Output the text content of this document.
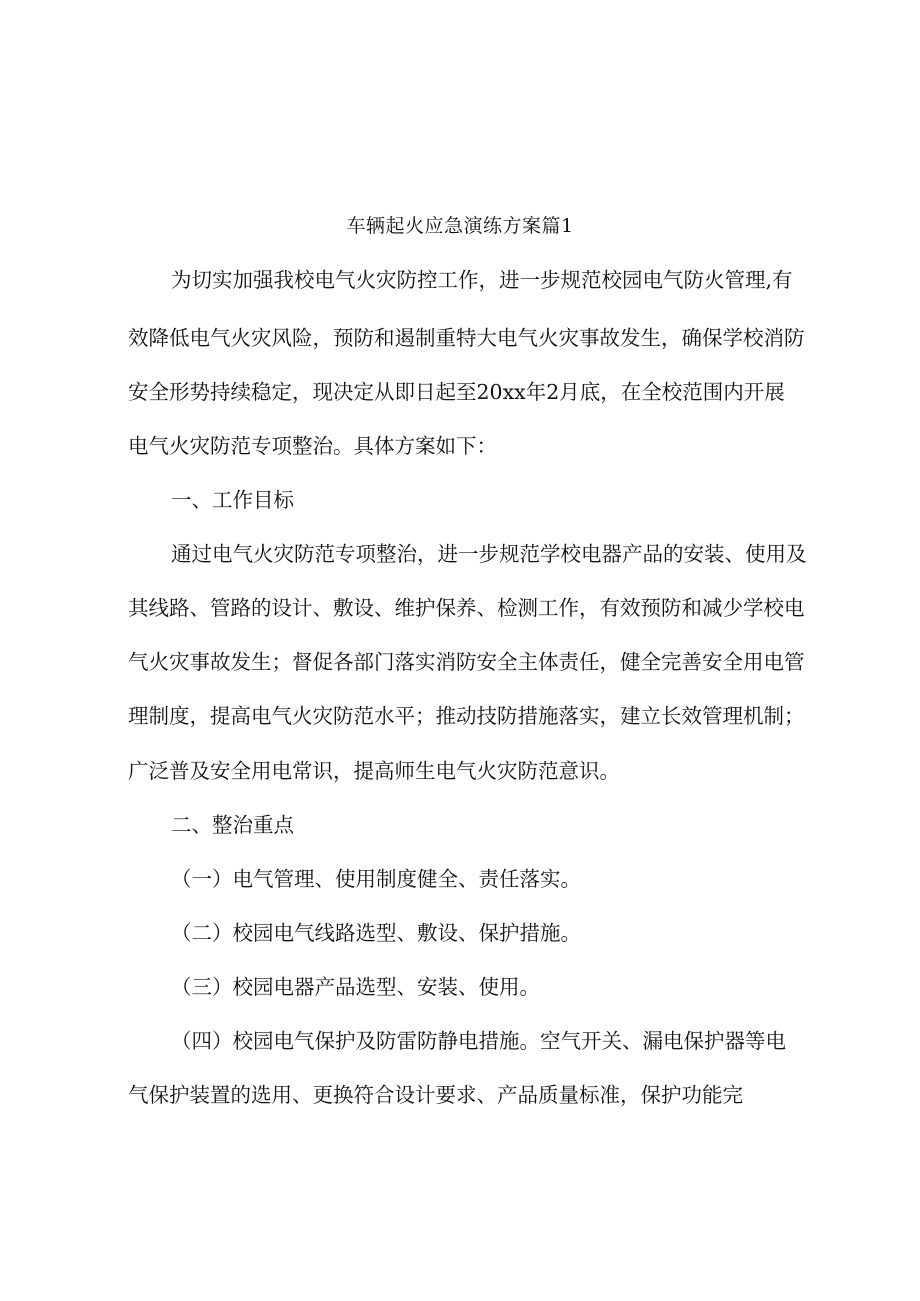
车辆起火应急演练方案篇1
为切实加强我校电气火灾防控工作，进一步规范校园电气防火管理,有
效降低电气火灾风险，预防和遏制重特大电气火灾事故发生，确保学校消防
安全形势持续稳定，现决定从即日起至20xx年2月底，在全校范围内开展
电气火灾防范专项整治。具体方案如下：
一、工作目标
通过电气火灾防范专项整治，进一步规范学校电器产品的安装、使用及
其线路、管路的设计、敷设、维护保养、检测工作，有效预防和减少学校电
气火灾事故发生；督促各部门落实消防安全主体责任，健全完善安全用电管
理制度，提高电气火灾防范水平；推动技防措施落实，建立长效管理机制；
广泛普及安全用电常识，提高师生电气火灾防范意识。
二、整治重点
（一）电气管理、使用制度健全、责任落实。
（二）校园电气线路选型、敷设、保护措施。
（三）校园电器产品选型、安装、使用。
（四）校园电气保护及防雷防静电措施。空气开关、漏电保护器等电
气保护装置的选用、更换符合设计要求、产品质量标准，保护功能完
